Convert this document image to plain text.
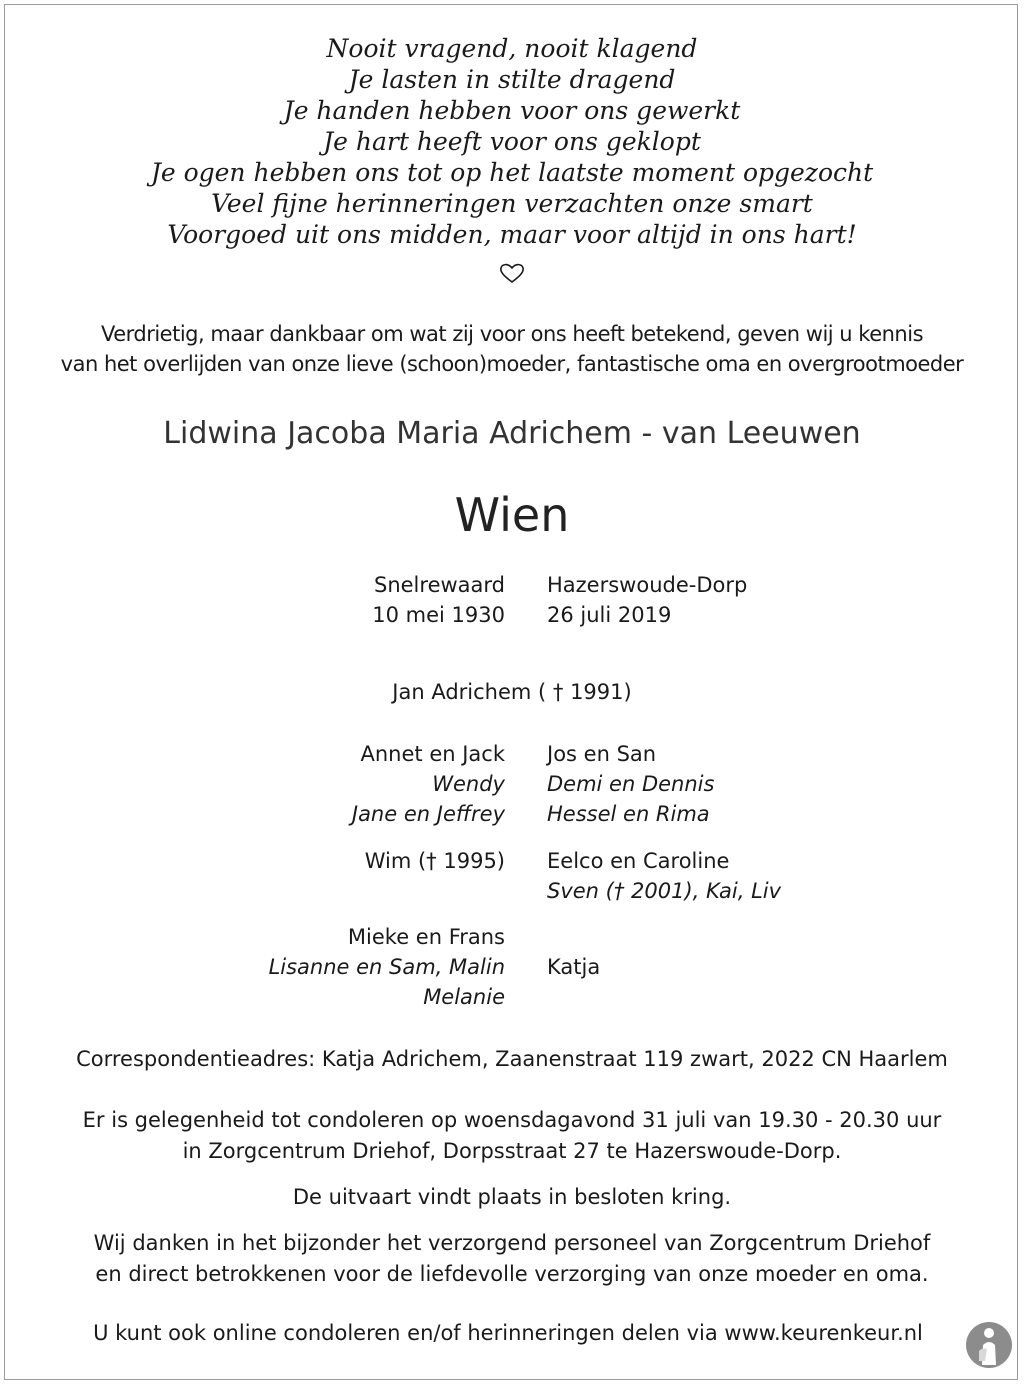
Nooit vragend, nooit klagend
Je lasten in stilte dragend
Je handen hebben voor ons gewerkt
Je hart heeft voor ons geklopt
Je ogen hebben ons tot op het laatste moment opgezocht
Veel fijne herinneringen verzachten onze smart
Voorgoed uit ons midden, maar voor altijd in ons hart!
Verdrietig, maar dankbaar om wat zij voor ons heeft betekend, geven wij u kennis
van het overlijden van onze lieve (schoon)moeder, fantastische oma en overgrootmoeder
Lidwina Jacoba Maria Adrichem - van Leeuwen
Wien
Snelrewaard
10 mei 1930
Hazerswoude-Dorp
26 juli 2019
Jan Adrichem ( † 1991)
Annet en Jack
Wendy
Jane en Jeffrey
Jos en San
Demi en Dennis
Hessel en Rima
Wim († 1995) Eelco en Caroline
Sven († 2001), Kai, Liv
Mieke en Frans
Lisanne en Sam, Malin
Melanie
Katja
Correspondentieadres: Katja Adrichem, Zaanenstraat 119 zwart, 2022 CN Haarlem
Er is gelegenheid tot condoleren op woensdagavond 31 juli van 19.30 - 20.30 uur
in Zorgcentrum Driehof, Dorpsstraat 27 te Hazerswoude-Dorp.
De uitvaart vindt plaats in besloten kring.
Wij danken in het bijzonder het verzorgend personeel van Zorgcentrum Driehof
en direct betrokkenen voor de liefdevolle verzorging van onze moeder en oma.
U kunt ook online condoleren en/of herinneringen delen via www.keurenkeur.nl
